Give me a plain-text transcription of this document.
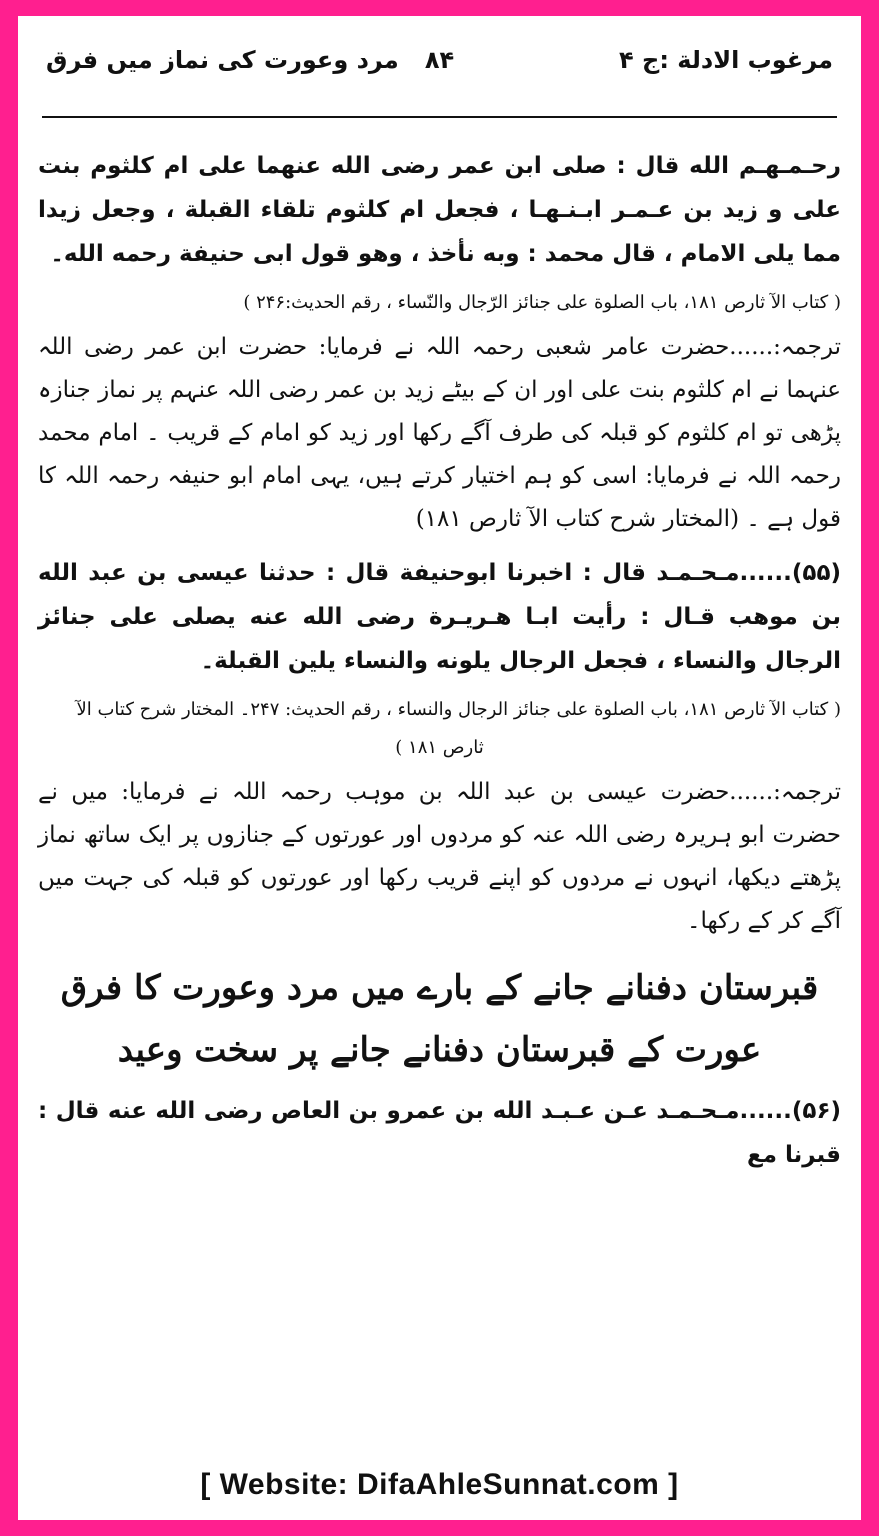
مرغوب الادلة :ج ۴
۸۴
مرد وعورت کی نماز میں فرق

رحـمـهـم الله قال : صلى ابن عمر رضى الله عنهما على ام كلثوم بنت على و زيد بن عـمـر ابـنـهـا ، فجعل ام كلثوم تلقاء القبلة ، وجعل زيدا مما يلى الامام ، قال محمد : وبه نأخذ ، وهو قول ابى حنيفة رحمه الله۔

( کتاب الآ ثارص ۱۸۱، باب الصلوة على جنائز الرّجال والنّساء ، رقم الحديث:۲۴۶ )

ترجمہ:......حضرت عامر شعبی رحمہ اللہ نے فرمایا: حضرت ابن عمر رضی اللہ عنہما نے ام کلثوم بنت علی اور ان کے بیٹے زید بن عمر رضی اللہ عنہم پر نماز جنازہ پڑھی تو ام کلثوم کو قبلہ کی طرف آگے رکھا اور زید کو امام کے قریب ۔ امام محمد رحمہ اللہ نے فرمایا: اسی کو ہم اختیار کرتے ہیں، یہی امام ابو حنیفہ رحمہ اللہ کا قول ہے ۔ (المختار شرح کتاب الآ ثارص ۱۸۱)

(۵۵)......مـحـمـد قال : اخبرنا ابوحنيفة قال : حدثنا عيسى بن عبد الله بن موهب قـال : رأيت ابـا هـريـرة رضى الله عنه يصلى على جنائز الرجال والنساء ، فجعل الرجال يلونه والنساء يلين القبلة۔

( کتاب الآ ثارص ۱۸۱، باب الصلوة على جنائز الرجال والنساء ، رقم الحديث: ۲۴۷۔ المختار شرح کتاب الآ ثارص ۱۸۱ )

ترجمہ:......حضرت عیسی بن عبد اللہ بن موہب رحمہ اللہ نے فرمایا: میں نے حضرت ابو ہریرہ رضی اللہ عنہ کو مردوں اور عورتوں کے جنازوں پر ایک ساتھ نماز پڑھتے دیکھا، انہوں نے مردوں کو اپنے قریب رکھا اور عورتوں کو قبلہ کی جہت میں آگے کر کے رکھا۔

قبرستان دفنانے جانے کے بارے میں مرد وعورت کا فرق

عورت کے قبرستان دفنانے جانے پر سخت وعید

(۵۶)......مـحـمـد عـن عـبـد الله بن عمرو بن العاص رضى الله عنه قال : قبرنا مع

[ Website: DifaAhleSunnat.com ]
